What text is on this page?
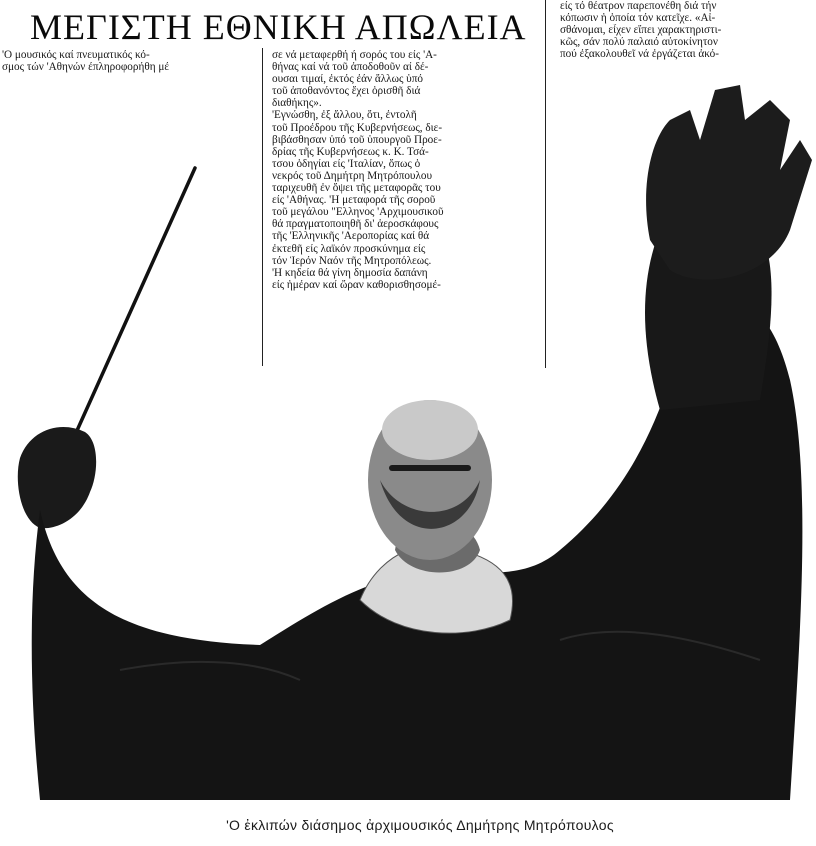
ΜΕΓΙΣΤΗ ΕΘΝΙΚΗ ΑΠΩΛΕΙΑ
'Ο μουσικός καί πνευματικός κό-
σμος τών 'Αθηνών έπληροφορήθη μέ
σε νά μεταφερθή ή σορός του είς 'Α-
θήνας καί νά τοῦ ἀποδοθοῦν αί δέ-
ουσαι τιμαί, ἐκτός ἐάν ἄλλως ὑπό
τοῦ ἀποθανόντος ἔχει ὁρισθῆ διά
διαθήκης».
'Εγνώσθη, ἐξ ἄλλου, ὅτι, ἐντολῆ
τοῦ Προέδρου τῆς Κυβερνήσεως, διε-
βιβάσθησαν ὑπό τοῦ ὑπουργοῦ Προε-
δρίας τῆς Κυβερνήσεως κ. Κ. Τσά-
τσου ὁδηγίαι είς 'Ιταλίαν, ὅπως ὁ
νεκρός τοῦ Δημήτρη Μητρόπουλου
ταριχευθῆ ἐν ὄψει τῆς μεταφορᾶς του
είς 'Αθήνας. 'Η μεταφορά τῆς σοροῦ
τοῦ μεγάλου "Ελληνος 'Αρχιμουσικοῦ
θά πραγματοποιηθῆ δι' ἀεροσκάφους
τῆς 'Ελληνικῆς 'Αεροπορίας καί θά
ἐκτεθῆ είς λαϊκόν προσκύνημα είς
τόν Ἱερόν Ναόν τῆς Μητροπόλεως.
'Η κηδεία θά γίνη δημοσία δαπάνη
είς ἡμέραν καί ὥραν καθορισθησομέ-
είς τό θέατρον παρεπονέθη διά τήν
κόπωσιν ἡ ὁποία τόν κατεῖχε. «Αἰ-
σθάνομαι, εἶχεν εἴπει χαρακτηριστι-
κῶς, σάν πολύ παλαιό αὐτοκίνητον
πού ἐξακολουθεῖ νά ἐργάζεται ἀκό-
'Ο ἐκλιπών διάσημος ἀρχιμουσικός Δημήτρης Μητρόπουλος
